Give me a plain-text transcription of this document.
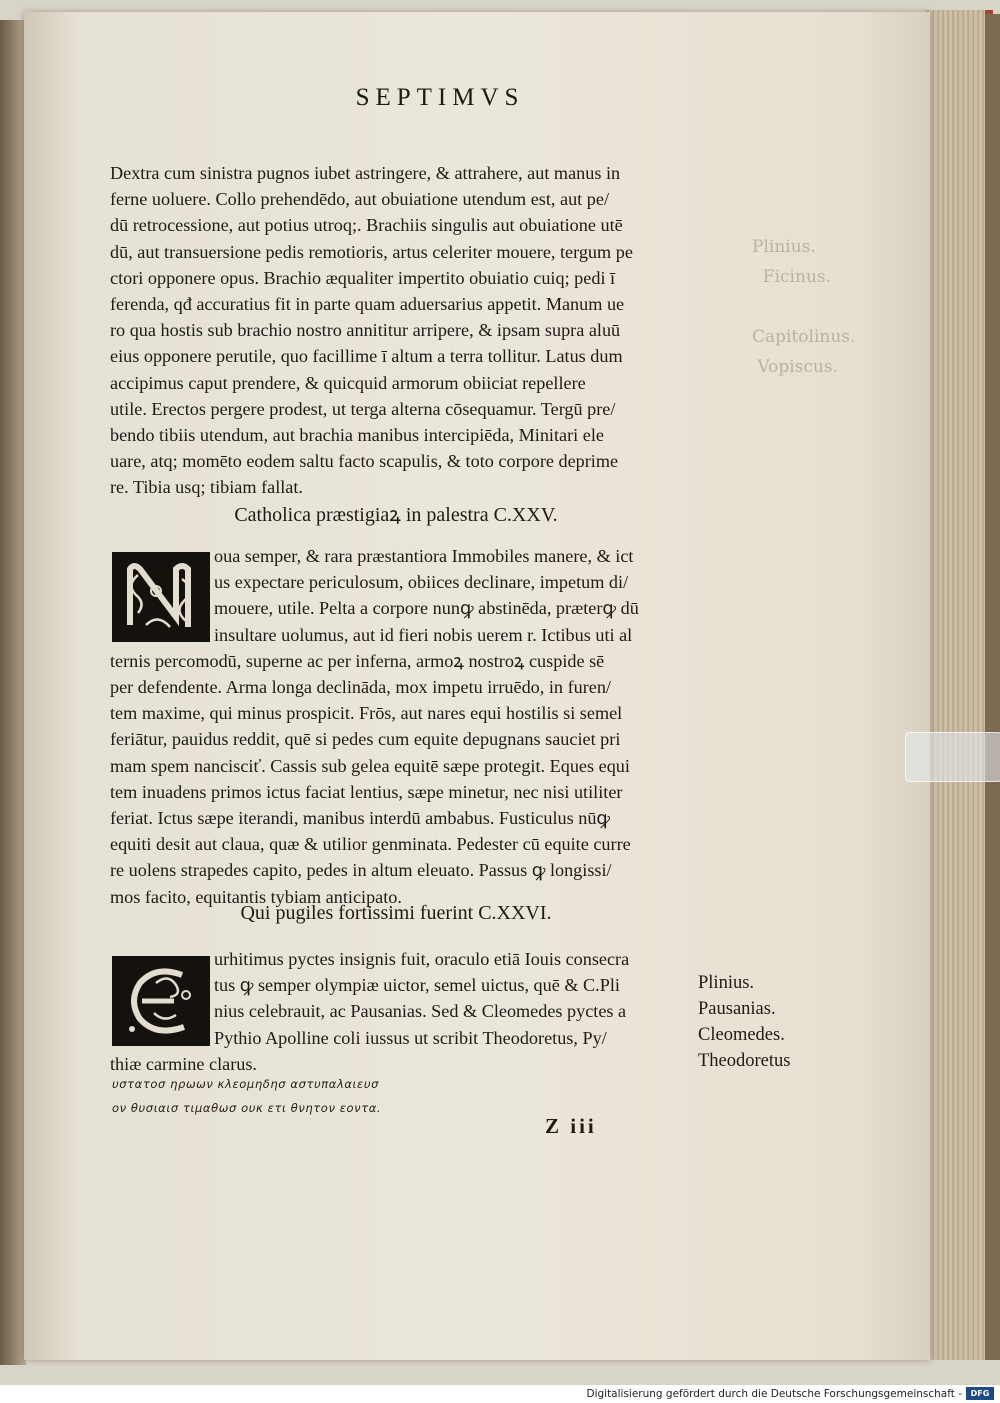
Plinius.
Ficinus.

Capitolinus.
Vopiscus.
SEPTIMVS
Dextra cum sinistra pugnos iubet astringere, & attrahere, aut manus in
ferne uoluere. Collo prehendēdo, aut obuiatione utendum est, aut pe/
dū retrocessione, aut potius utroq;. Brachiis singulis aut obuiatione utē
dū, aut transuersione pedis remotioris, artus celeriter mouere, tergum pe
ctori opponere opus. Brachio æqualiter impertito obuiatio cuiq; pedi ī
ferenda, qđ accuratius fit in parte quam aduersarius appetit. Manum ue
ro qua hostis sub brachio nostro annititur arripere, & ipsam supra aluū
eius opponere perutile, quo facillime ī altum a terra tollitur. Latus dum
accipimus caput prendere, & quicquid armorum obiiciat repellere
utile. Erectos pergere prodest, ut terga alterna cōsequamur. Tergū pre/
bendo tibiis utendum, aut brachia manibus intercipiēda, Minitari ele
uare, atq; momēto eodem saltu facto scapulis, & toto corpore deprime
re. Tibia usq; tibiam fallat.
Catholica præstigiaꝝ in palestra C.XXV.
oua semper, & rara præstantiora Immobiles manere, & ict
us expectare periculosum, obiices declinare, impetum di/
mouere, utile. Pelta a corpore nunꝙ abstinēda, præterꝙ dū
insultare uolumus, aut id fieri nobis uerem r. Ictibus uti al
ternis percomodū, superne ac per inferna, armoꝝ nostroꝝ cuspide sē
per defendente. Arma longa declināda, mox impetu irruēdo, in furen/
tem maxime, qui minus prospicit. Frōs, aut nares equi hostilis si semel
feriātur, pauidus reddit, quē si pedes cum equite depugnans sauciet pri
mam spem nancisciť. Cassis sub gelea equitē sæpe protegit. Eques equi
tem inuadens primos ictus faciat lentius, sæpe minetur, nec nisi utiliter
feriat. Ictus sæpe iterandi, manibus interdū ambabus. Fusticulus nūꝙ
equiti desit aut clauа, quæ & utilior genminata. Pedester cū equite curre
re uolens strapedes capito, pedes in altum eleuato. Passus ꝙ longissi/
mos facito, equitantis tybiam anticipato.
Qui pugiles fortissimi fuerint C.XXVI.
urhitimus pyctes insignis fuit, oraculo etiā Iouis consecra
tus ꝙ semper olympiæ uictor, semel uictus, quē & C.Pli
nius celebrauit, ac Pausanias. Sed & Cleomedes pyctes a
Pythio Apolline coli iussus ut scribit Theodoretus, Py/
thiæ carmine clarus.
Plinius.
Pausanias.
Cleomedes.
Theodoretus
υστατοσ ηρωων κλεομηδησ αστυπαλαιευσ
ον θυσιαισ τιμαθωσ ουκ ετι θνητον εοντα.
Z iii
Digitalisierung gefördert durch die Deutsche Forschungsgemeinschaft -	DFG
